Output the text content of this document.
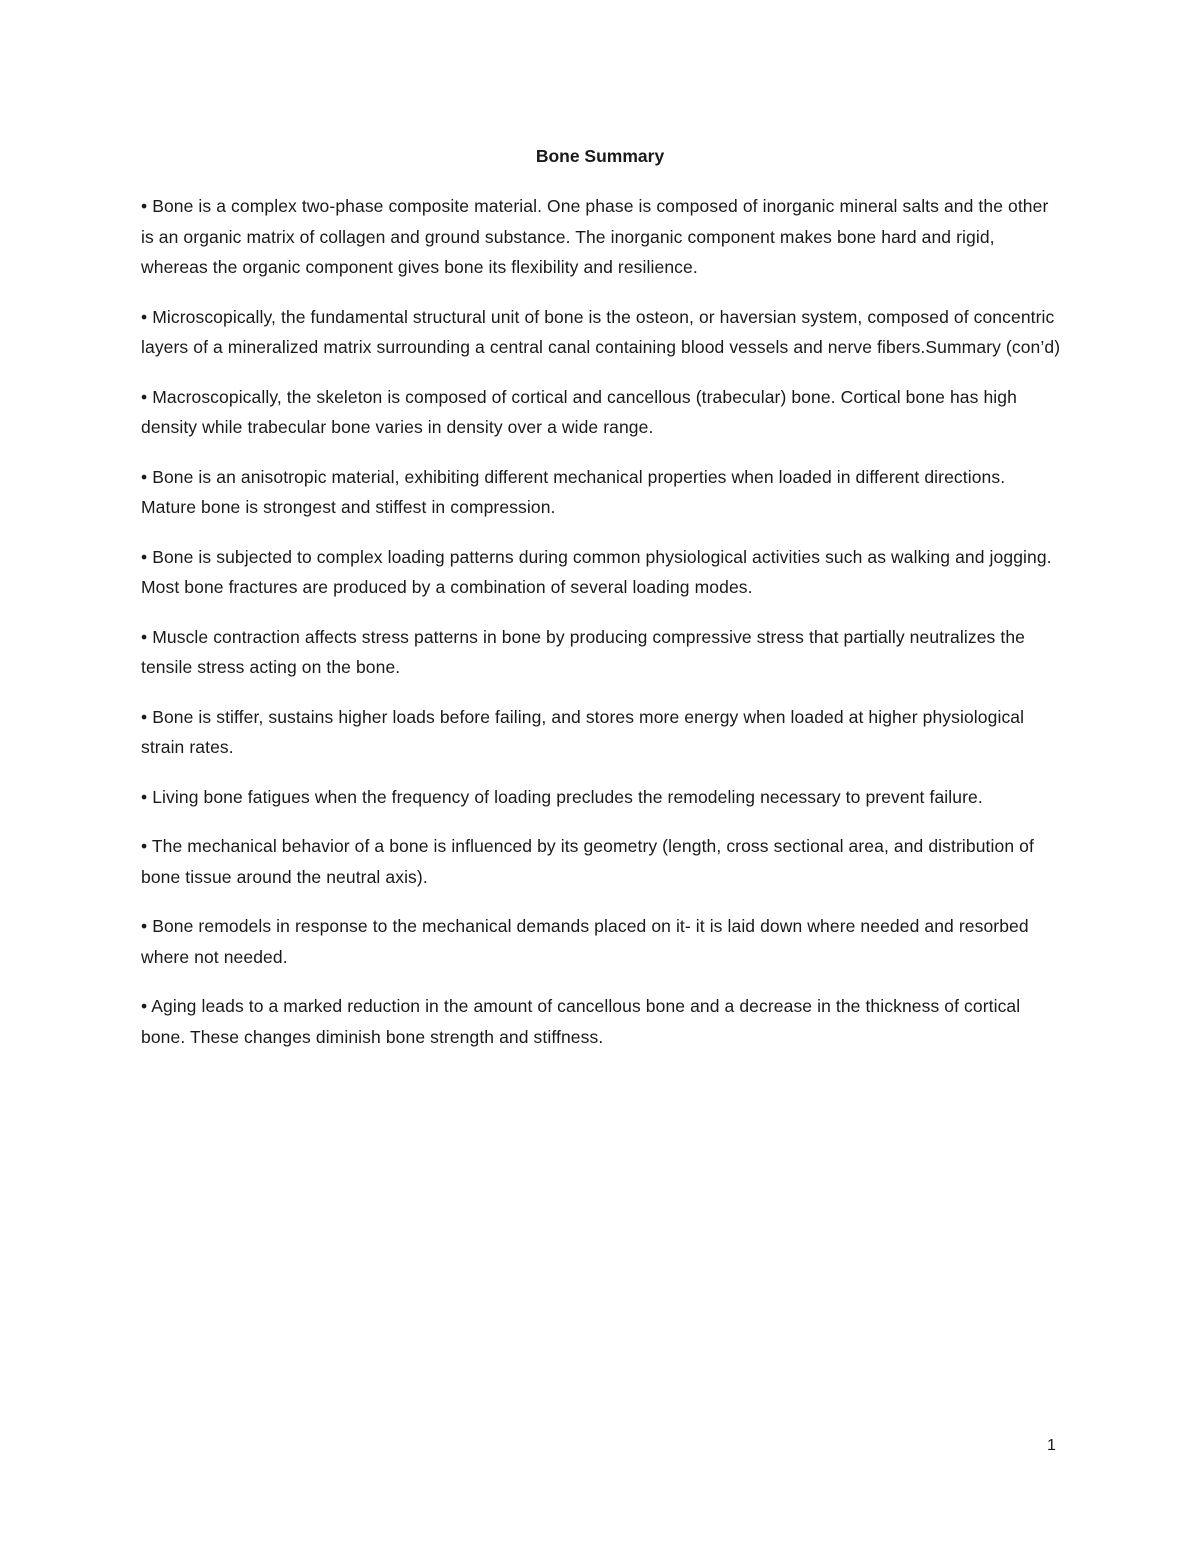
Bone Summary
• Bone is a complex two-phase composite material. One phase is composed of inorganic mineral salts and the other is an organic matrix of collagen and ground substance. The inorganic component makes bone hard and rigid, whereas the organic component gives bone its flexibility and resilience.
• Microscopically, the fundamental structural unit of bone is the osteon, or haversian system, composed of concentric layers of a mineralized matrix surrounding a central canal containing blood vessels and nerve fibers.Summary (con’d)
• Macroscopically, the skeleton is composed of cortical and cancellous (trabecular) bone. Cortical bone has high density while trabecular bone varies in density over a wide range.
• Bone is an anisotropic material, exhibiting different mechanical properties when loaded in different directions. Mature bone is strongest and stiffest in compression.
• Bone is subjected to complex loading patterns during common physiological activities such as walking and jogging. Most bone fractures are produced by a combination of several loading modes.
• Muscle contraction affects stress patterns in bone by producing compressive stress that partially neutralizes the tensile stress acting on the bone.
• Bone is stiffer, sustains higher loads before failing, and stores more energy when loaded at higher physiological strain rates.
• Living bone fatigues when the frequency of loading precludes the remodeling necessary to prevent failure.
• The mechanical behavior of a bone is influenced by its geometry (length, cross sectional area, and distribution of bone tissue around the neutral axis).
• Bone remodels in response to the mechanical demands placed on it- it is laid down where needed and resorbed where not needed.
• Aging leads to a marked reduction in the amount of cancellous bone and a decrease in the thickness of cortical bone. These changes diminish bone strength and stiffness.
1
